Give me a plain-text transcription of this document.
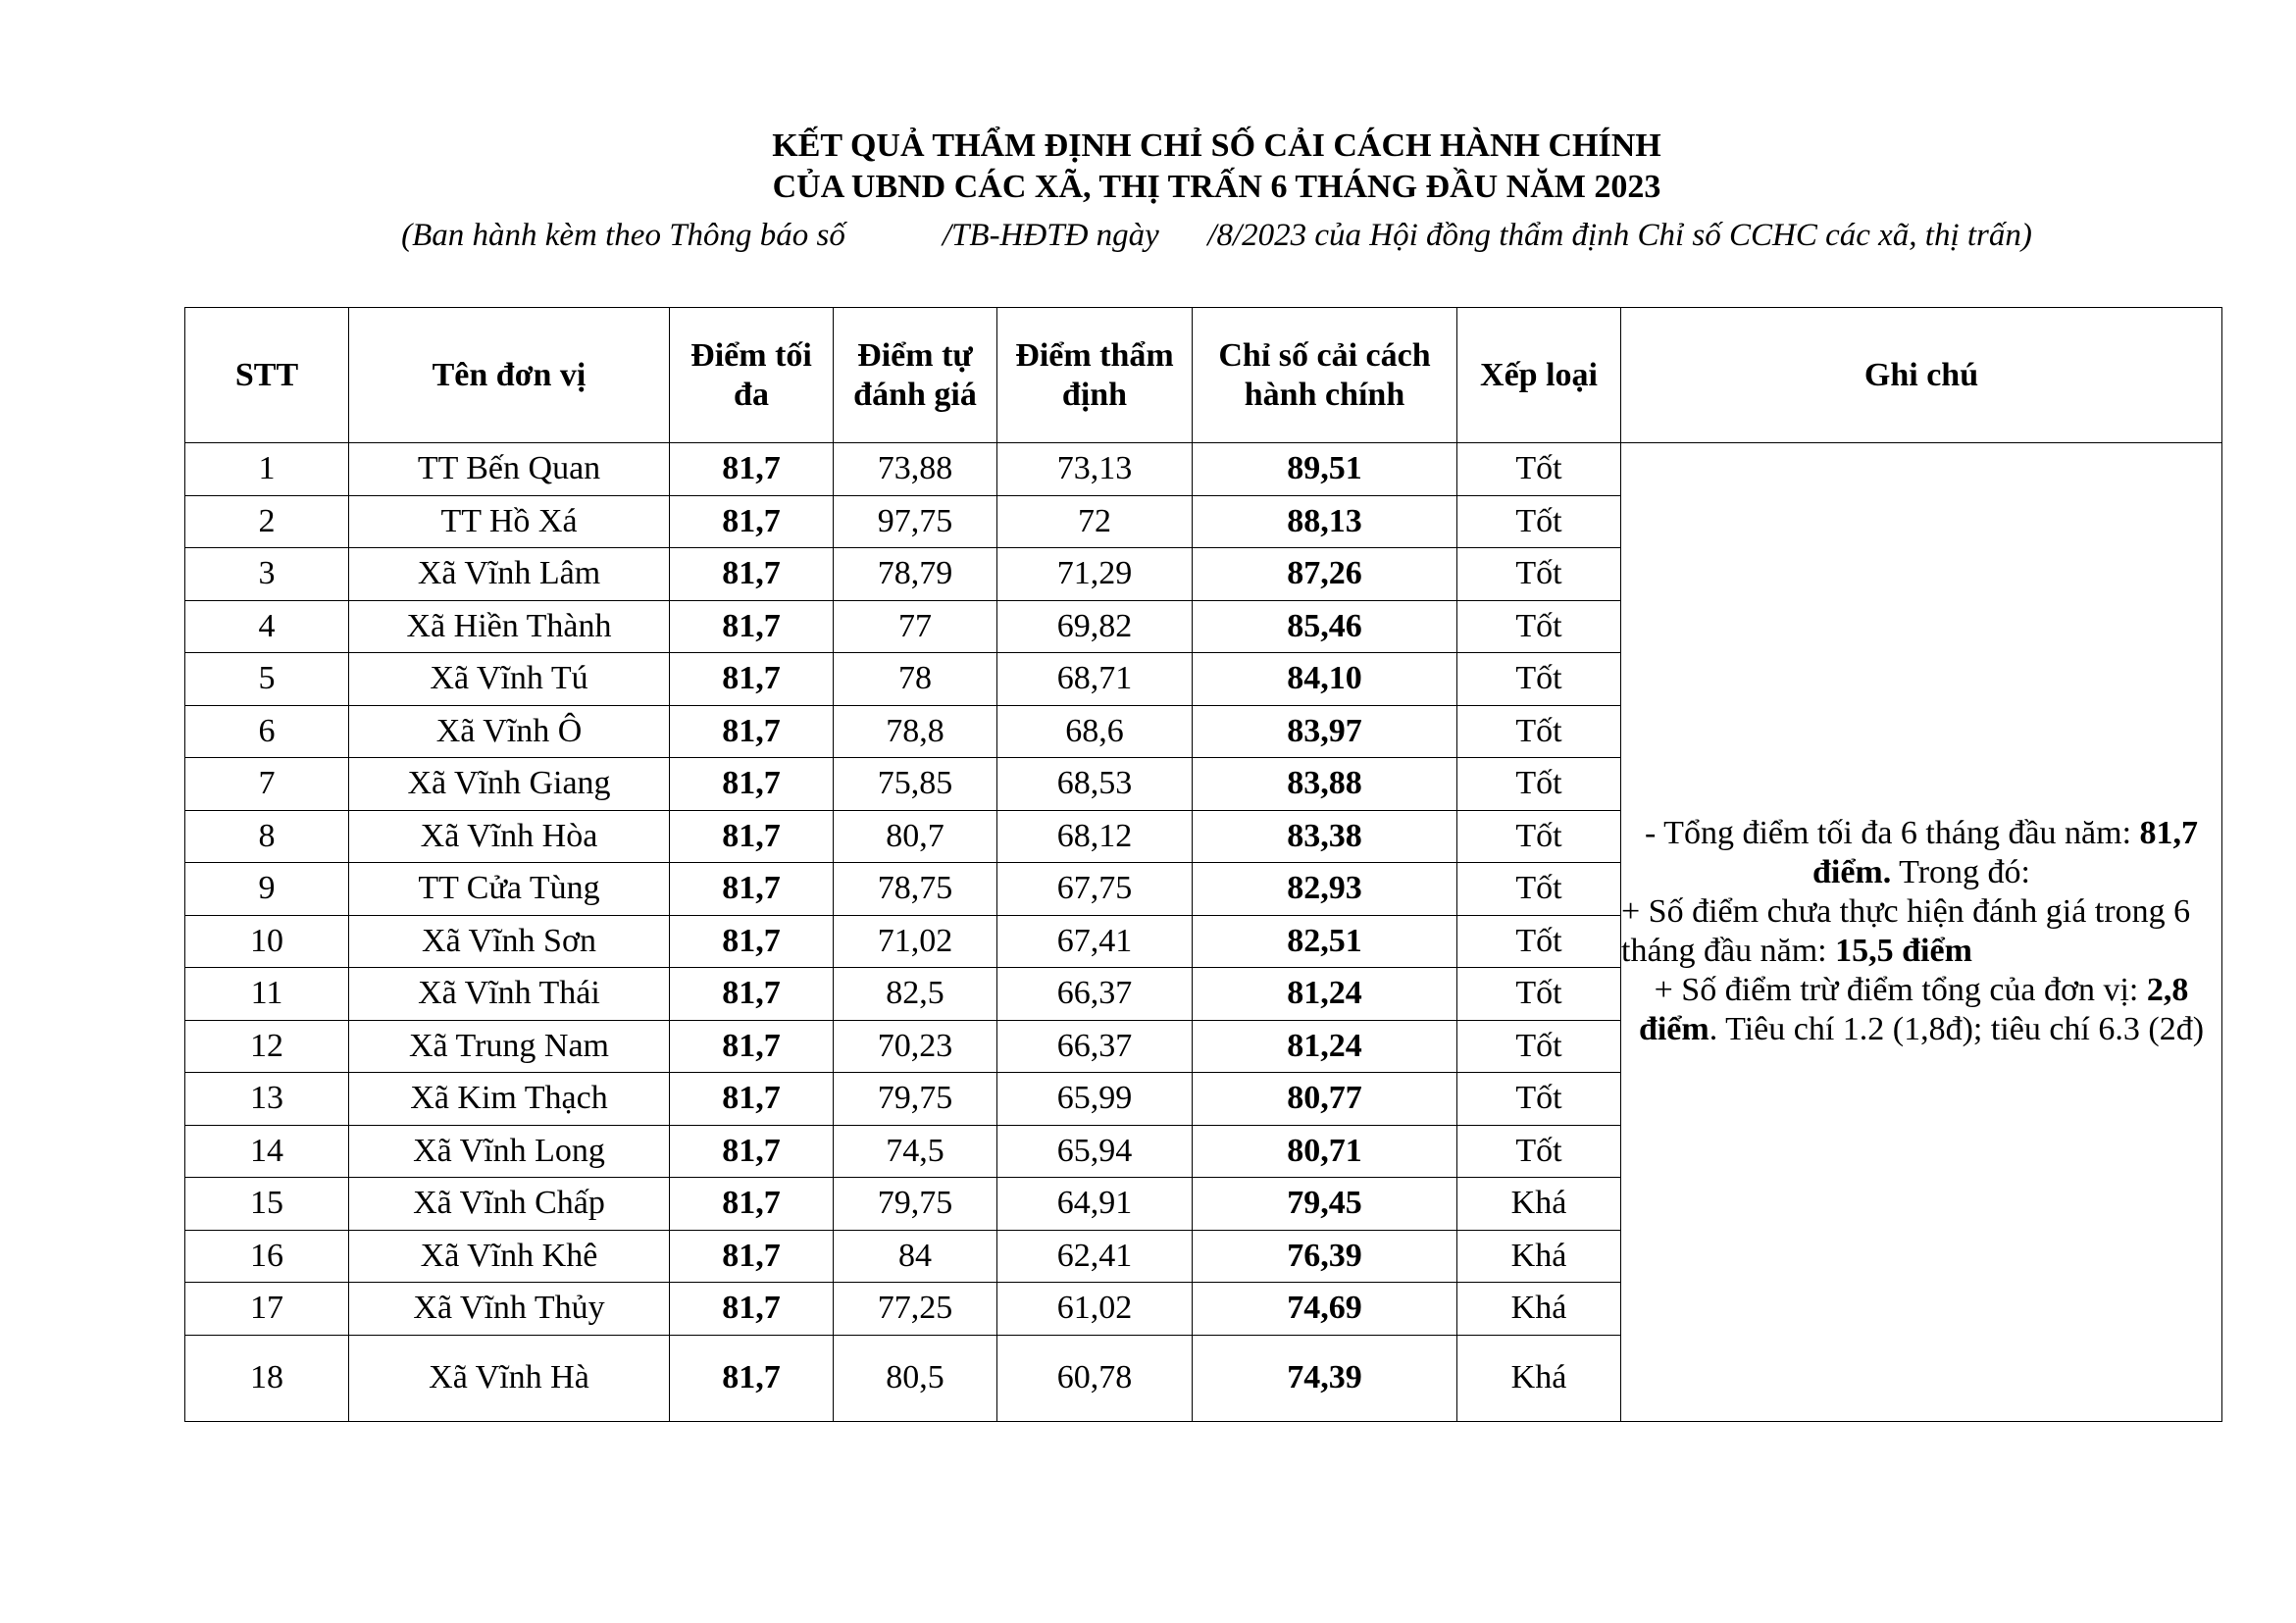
KẾT QUẢ THẨM ĐỊNH CHỈ SỐ CẢI CÁCH HÀNH CHÍNH
CỦA UBND CÁC XÃ, THỊ TRẤN 6 THÁNG ĐẦU NĂM 2023
(Ban hành kèm theo Thông báo số            /TB-HĐTĐ ngày      /8/2023 của Hội đồng thẩm định Chỉ số CCHC các xã, thị trấn)
STT	Tên đơn vị	Điểm tối đa	Điểm tự đánh giá	Điểm thẩm định	Chỉ số cải cách hành chính	Xếp loại	Ghi chú
1	TT Bến Quan	81,7	73,88	73,13	89,51	Tốt	- Tổng điểm tối đa 6 tháng đầu năm: 81,7 điểm. Trong đó:

+ Số điểm chưa thực hiện đánh giá trong 6 tháng đầu năm: 15,5 điểm

+ Số điểm trừ điểm tổng của đơn vị: 2,8 điểm. Tiêu chí 1.2 (1,8đ); tiêu chí 6.3 (2đ)

2	TT Hồ Xá	81,7	97,75	72	88,13	Tốt	
3	Xã Vĩnh Lâm	81,7	78,79	71,29	87,26	Tốt	
4	Xã Hiền Thành	81,7	77	69,82	85,46	Tốt	
5	Xã Vĩnh Tú	81,7	78	68,71	84,10	Tốt	
6	Xã Vĩnh Ô	81,7	78,8	68,6	83,97	Tốt	
7	Xã Vĩnh Giang	81,7	75,85	68,53	83,88	Tốt	
8	Xã Vĩnh Hòa	81,7	80,7	68,12	83,38	Tốt	
9	TT Cửa Tùng	81,7	78,75	67,75	82,93	Tốt	
10	Xã Vĩnh Sơn	81,7	71,02	67,41	82,51	Tốt	
11	Xã Vĩnh Thái	81,7	82,5	66,37	81,24	Tốt	
12	Xã Trung Nam	81,7	70,23	66,37	81,24	Tốt	
13	Xã Kim Thạch	81,7	79,75	65,99	80,77	Tốt	
14	Xã Vĩnh Long	81,7	74,5	65,94	80,71	Tốt	
15	Xã Vĩnh Chấp	81,7	79,75	64,91	79,45	Khá	
16	Xã Vĩnh Khê	81,7	84	62,41	76,39	Khá	
17	Xã Vĩnh Thủy	81,7	77,25	61,02	74,69	Khá	
18	Xã Vĩnh Hà	81,7	80,5	60,78	74,39	Khá	
